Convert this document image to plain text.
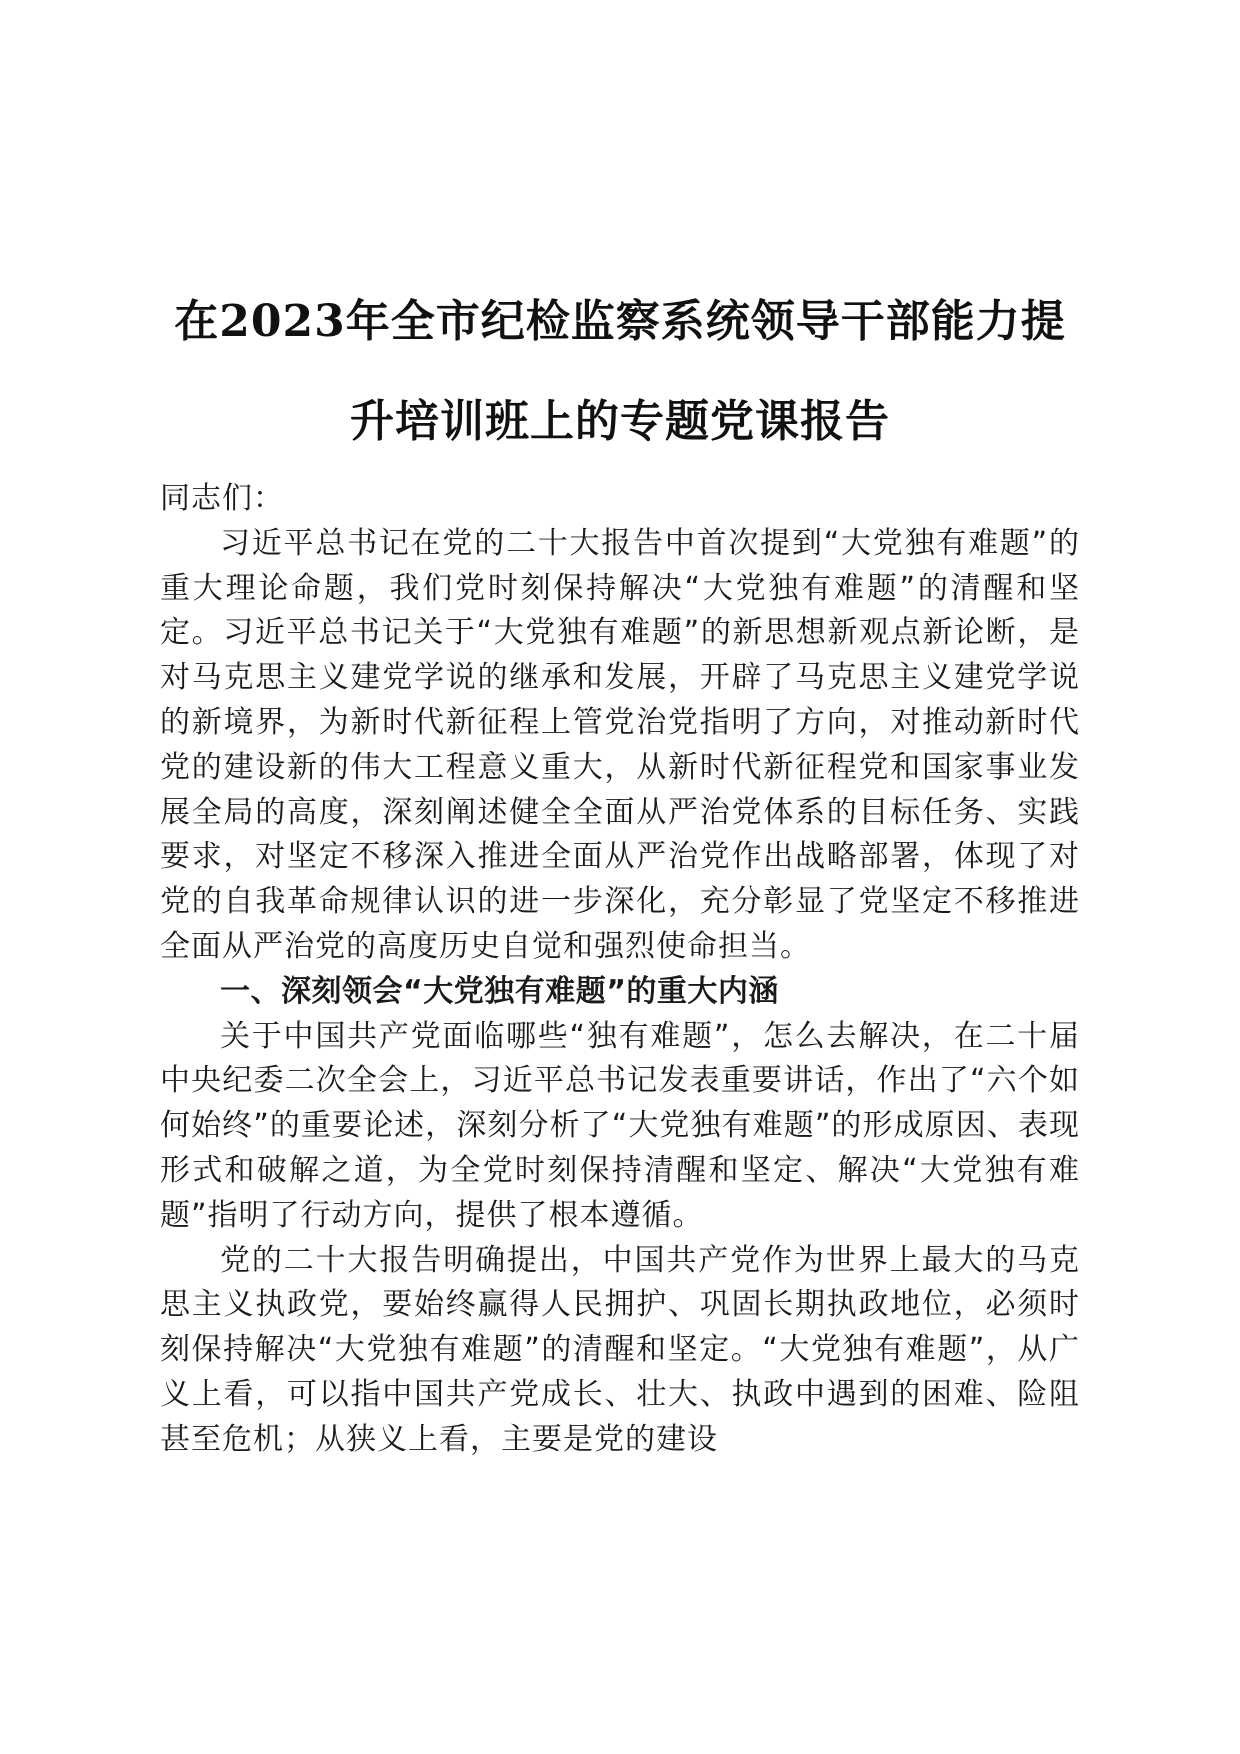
在2023年全市纪检监察系统领导干部能力提
升培训班上的专题党课报告

同志们：

习近平总书记在党的二十大报告中首次提到“大党独有难题”的重大理论命题，我们党时刻保持解决“大党独有难题”的清醒和坚定。习近平总书记关于“大党独有难题”的新思想新观点新论断，是对马克思主义建党学说的继承和发展，开辟了马克思主义建党学说的新境界，为新时代新征程上管党治党指明了方向，对推动新时代党的建设新的伟大工程意义重大，从新时代新征程党和国家事业发展全局的高度，深刻阐述健全全面从严治党体系的目标任务、实践要求，对坚定不移深入推进全面从严治党作出战略部署，体现了对党的自我革命规律认识的进一步深化，充分彰显了党坚定不移推进全面从严治党的高度历史自觉和强烈使命担当。

一、深刻领会“大党独有难题”的重大内涵

关于中国共产党面临哪些“独有难题”，怎么去解决，在二十届中央纪委二次全会上，习近平总书记发表重要讲话，作出了“六个如何始终”的重要论述，深刻分析了“大党独有难题”的形成原因、表现形式和破解之道，为全党时刻保持清醒和坚定、解决“大党独有难题”指明了行动方向，提供了根本遵循。

党的二十大报告明确提出，中国共产党作为世界上最大的马克思主义执政党，要始终赢得人民拥护、巩固长期执政地位，必须时刻保持解决“大党独有难题”的清醒和坚定。“大党独有难题”，从广义上看，可以指中国共产党成长、壮大、执政中遇到的困难、险阻甚至危机；从狭义上看，主要是党的建设
